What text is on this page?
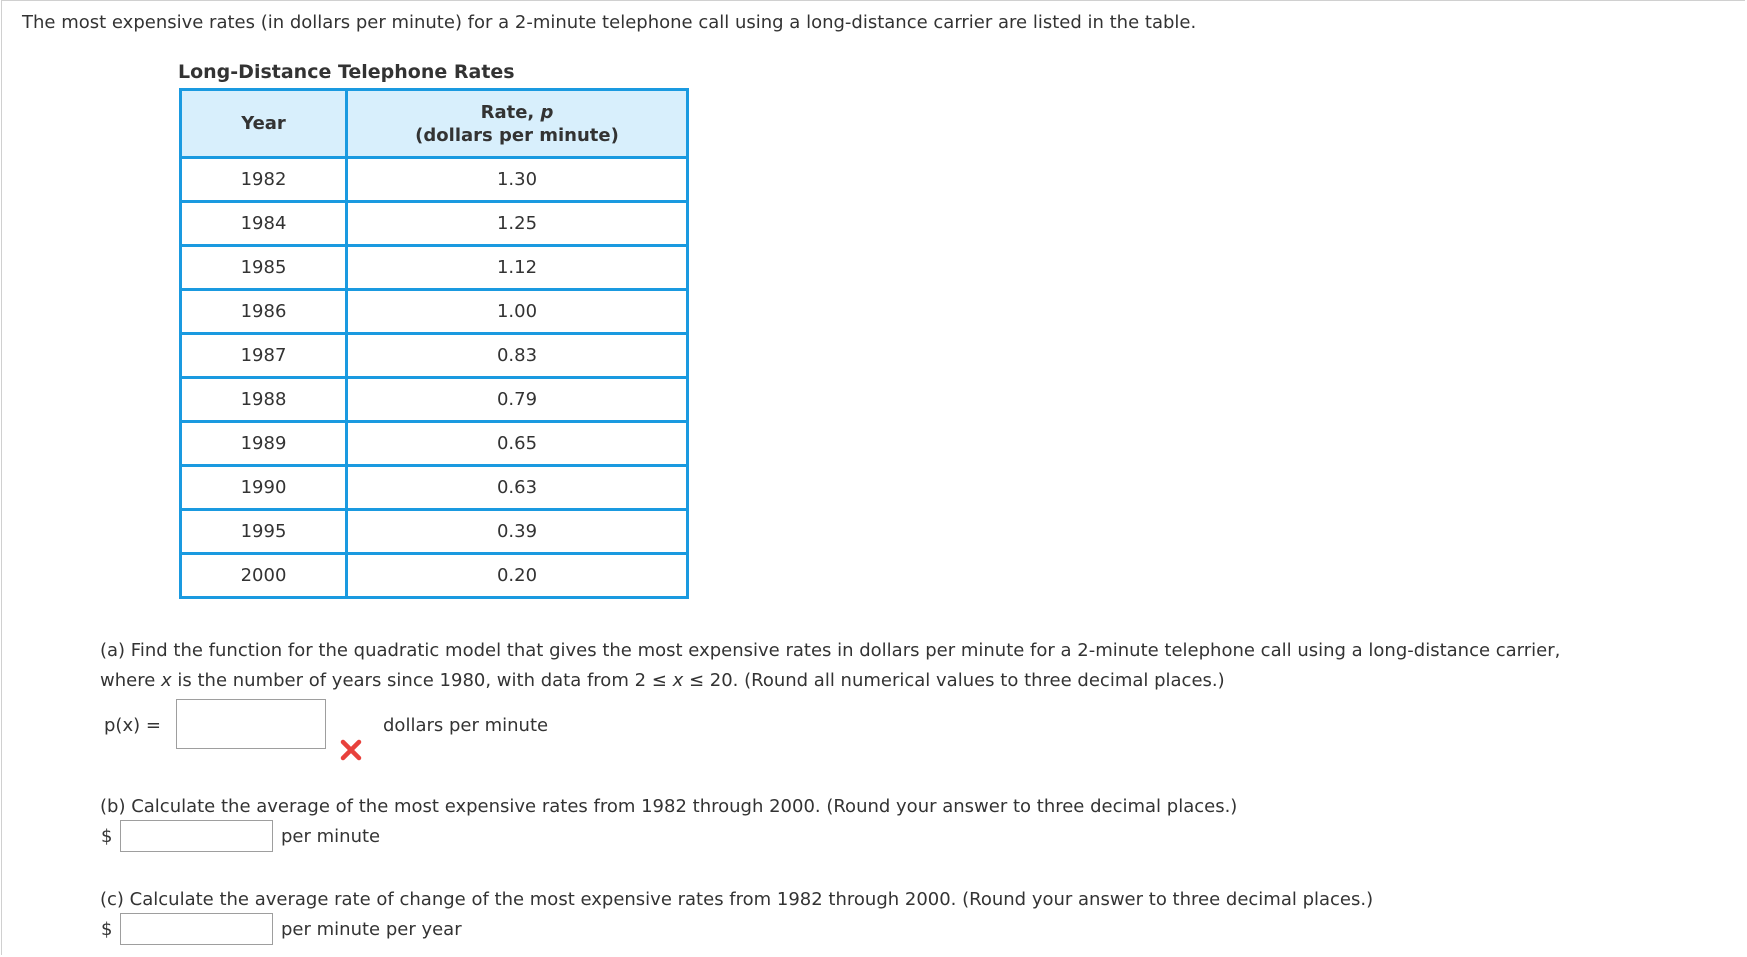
The most expensive rates (in dollars per minute) for a 2-minute telephone call using a long-distance carrier are listed in the table.
Long-Distance Telephone Rates
Year	Rate, p
(dollars per minute)
1982	1.30
1984	1.25
1985	1.12
1986	1.00
1987	0.83
1988	0.79
1989	0.65
1990	0.63
1995	0.39
2000	0.20
(a) Find the function for the quadratic model that gives the most expensive rates in dollars per minute for a 2-minute telephone call using a long-distance carrier,
where x is the number of years since 1980, with data from 2 ≤ x ≤ 20. (Round all numerical values to three decimal places.)
p(x) =	dollars per minute
(b) Calculate the average of the most expensive rates from 1982 through 2000. (Round your answer to three decimal places.)
$	per minute
(c) Calculate the average rate of change of the most expensive rates from 1982 through 2000. (Round your answer to three decimal places.)
$	per minute per year
